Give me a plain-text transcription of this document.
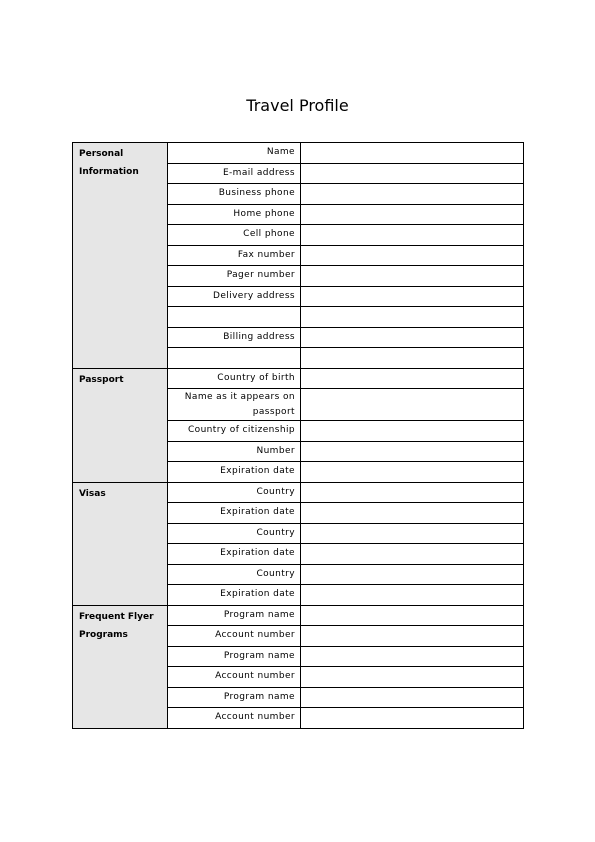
Travel Profile
Personal Information	Name	
	E-mail address	
	Business phone	
	Home phone	
	Cell phone	
	Fax number	
	Pager number	
	Delivery address	

	Billing address	

Passport	Country of birth	
	Name as it appears on passport	
	Country of citizenship	
	Number	
	Expiration date	
Visas	Country	
	Expiration date	
	Country	
	Expiration date	
	Country	
	Expiration date	
Frequent Flyer Programs	Program name	
	Account number	
	Program name	
	Account number	
	Program name	
	Account number	
